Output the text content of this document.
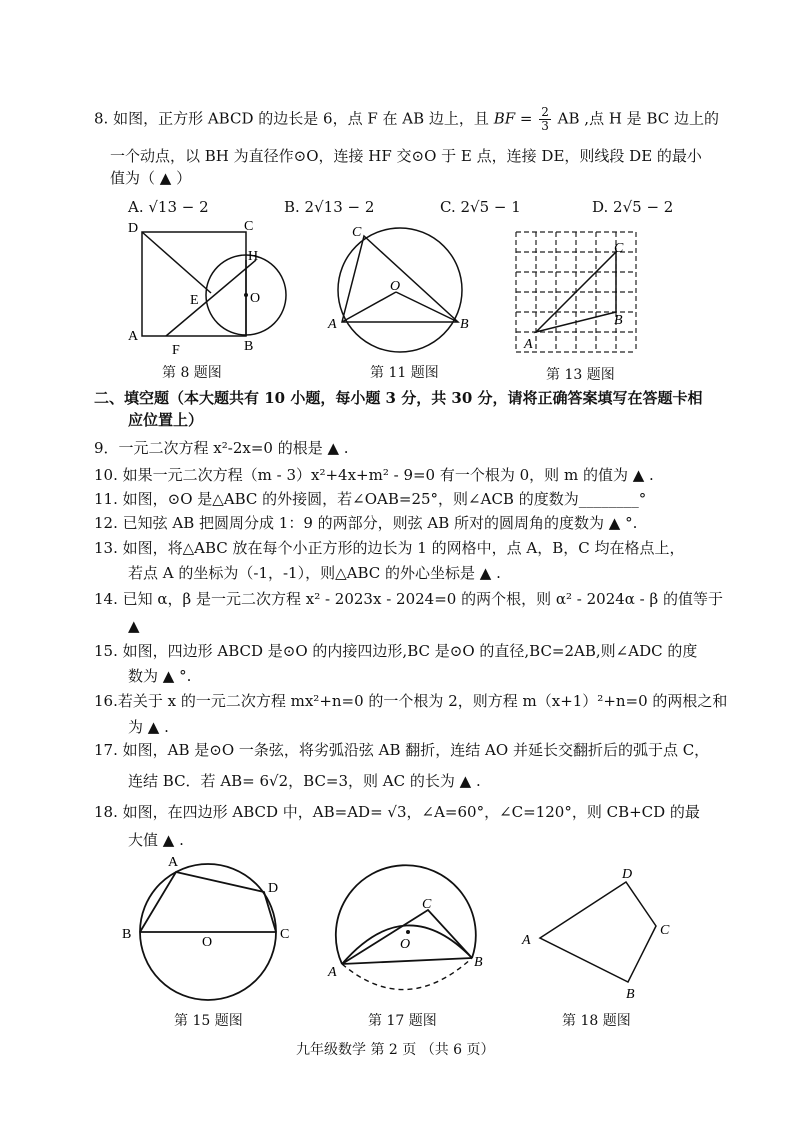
8. 如图，正方形 ABCD 的边长是 6，点 F 在 AB 边上，且 BF = $\frac{2}{3}$ AB ,点 H 是 BC 边上的
一个动点，以 BH 为直径作⊙O，连接 HF 交⊙O 于 E 点，连接 DE，则线段 DE 的最小
值为（ ▲ ）
A. √13 − 2	B. 2√13 − 2	C. 2√5 − 1	D. 2√5 − 2
D	C
H
E	O
A
F	B
第 8 题图
C
O
A	B
第 11 题图
C
B
A
第 13 题图
二、填空题（本大题共有 10 小题，每小题 3 分，共 30 分，请将正确答案填写在答题卡相
应位置上）
9．一元二次方程 x²-2x=0 的根是 ▲ .
10. 如果一元二次方程（m - 3）x²+4x+m² - 9=0 有一个根为 0，则 m 的值为 ▲ .
11. 如图，⊙O 是△ABC 的外接圆，若∠OAB=25°，则∠ACB 的度数为________°
12. 已知弦 AB 把圆周分成 1：9 的两部分，则弦 AB 所对的圆周角的度数为 ▲ °.
13. 如图，将△ABC 放在每个小正方形的边长为 1 的网格中，点 A，B，C 均在格点上，
若点 A 的坐标为（-1，-1），则△ABC 的外心坐标是 ▲ .
14. 已知 α，β 是一元二次方程 x² - 2023x - 2024=0 的两个根，则 α² - 2024α - β 的值等于
▲
15. 如图，四边形 ABCD 是⊙O 的内接四边形,BC 是⊙O 的直径,BC=2AB,则∠ADC 的度
数为 ▲ °.
16.若关于 x 的一元二次方程 mx²+n=0 的一个根为 2，则方程 m（x+1）²+n=0 的两根之和
为 ▲ .
17. 如图，AB 是⊙O 一条弦，将劣弧沿弦 AB 翻折，连结 AO 并延长交翻折后的弧于点 C，
连结 BC．若 AB= 6√2，BC=3，则 AC 的长为 ▲ .
18. 如图，在四边形 ABCD 中，AB=AD= √3，∠A=60°，∠C=120°，则 CB+CD 的最
大值 ▲ .
A
D
B
O
C
第 15 题图
C
O
A
B
第 17 题图
D
A
C
B
第 18 题图
九年级数学 第 2 页 （共 6 页）
